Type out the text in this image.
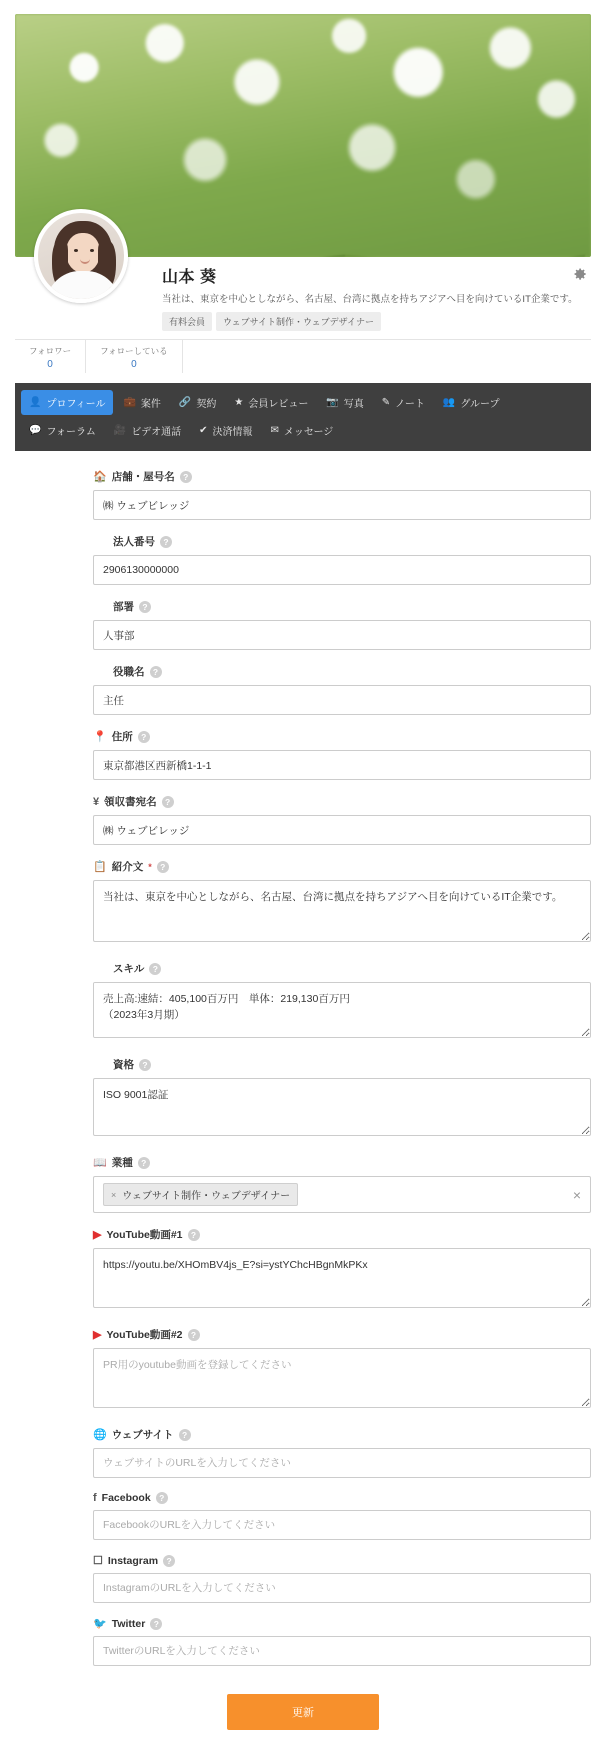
山本 葵
当社は、東京を中心としながら、名古屋、台湾に拠点を持ちアジアへ目を向けているIT企業です。
有料会員	ウェブサイト制作・ウェブデザイナー
フォロワー
0
フォローしている
0
👤 プロフィール 💼 案件 🔗 契約 ★ 会員レビュー 📷 写真 ✎ ノート 👥 グループ
💬 フォーラム 🎥 ビデオ通話 ✔ 決済情報 ✉ メッセージ
🏠 店舗・屋号名 ?
㈱ ウェブビレッジ
法人番号 ?
2906130000000
部署 ?
人事部
役職名 ?
主任
📍 住所 ?
東京都港区西新橋1-1-1
¥ 領収書宛名 ?
㈱ ウェブビレッジ
📋 紹介文 * ?
当社は、東京を中心としながら、名古屋、台湾に拠点を持ちアジアへ目を向けているIT企業です。
スキル ?
売上高:速結：405,100百万円　単体：219,130百万円 （2023年3月期） 東証プライム市場上場
資格 ?
ISO 9001認証
📖 業種 ?
× ウェブサイト制作・ウェブデザイナー	×
▶ YouTube動画#1 ?
https://youtu.be/XHOmBV4js_E?si=ystYChcHBgnMkPKx
▶ YouTube動画#2 ?
PR用のyoutube動画を登録してください
🌐 ウェブサイト ?
ウェブサイトのURLを入力してください
f Facebook ?
FacebookのURLを入力してください
☐ Instagram ?
InstagramのURLを入力してください
🐦 Twitter ?
TwitterのURLを入力してください
更新
